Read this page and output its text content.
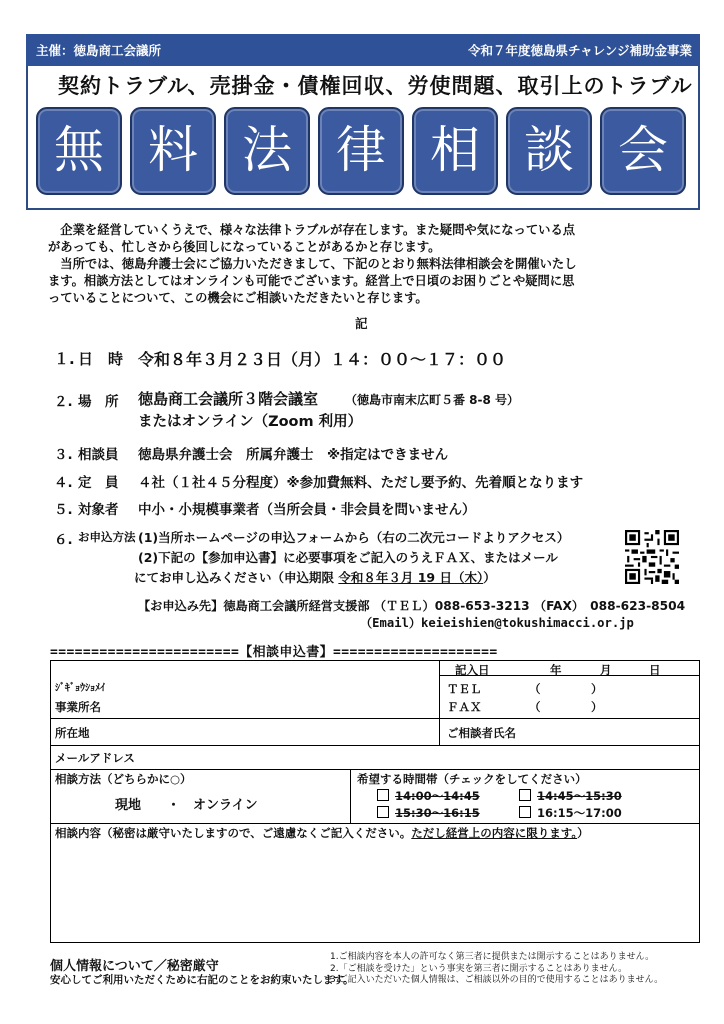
主催：徳島商工会議所	令和７年度徳島県チャレンジ補助金事業
契約トラブル、売掛金・債権回収、労使問題、取引上のトラブル
無 料 法 律 相 談 会
　企業を経営していくうえで、様々な法律トラブルが存在します。また疑問や気になっている点
があっても、忙しさから後回しになっていることがあるかと存じます。
　当所では、徳島弁護士会にご協力いただきまして、下記のとおり無料法律相談会を開催いたし
ます。相談方法としてはオンラインも可能でございます。経営上で日頃のお困りごとや疑問に思
っていることについて、この機会にご相談いただきたいと存じます。
記
１. 日　時 令和８年３月２３日（月）１４：００～１７：００
２. 場　所 徳島商工会議所３階会議室 （徳島市南末広町５番 8-8 号）
またはオンライン（Zoom 利用）
３. 相談員 徳島県弁護士会　所属弁護士　※指定はできません
４. 定　員 ４社（１社４５分程度）※参加費無料、ただし要予約、先着順となります
５. 対象者 中小・小規模事業者（当所会員・非会員を問いません）
６. お申込方法 (1)当所ホームページの申込フォームから（右の二次元コードよりアクセス）
(2)下記の【参加申込書】に必要事項をご記入のうえＦＡＸ、またはメール
にてお申し込みください（申込期限 令和８年３月 19 日（木））
【お申込み先】徳島商工会議所経営支援部 （ＴＥＬ）088-653-3213 （FAX）　088-623-8504
（Email）keieishien@tokushimacci.or.jp
=======================【相談申込書】====================
記入日	年	月	日
ｼﾞｷﾞｮｳｼｮﾒｲ
事業所名
ＴＥＬ	（	）
ＦＡＸ	（	）
所在地	ご相談者氏名
メールアドレス
相談方法（どちらかに○）
現地　　・　オンライン
希望する時間帯（チェックをしてください）
14:00～14:45	14:45～15:30
15:30～16:15	16:15～17:00
相談内容（秘密は厳守いたしますので、ご遠慮なくご記入ください。ただし経営上の内容に限ります。）
個人情報について／秘密厳守
安心してご利用いただくために右記のことをお約束いたします。
1.ご相談内容を本人の許可なく第三者に提供または開示することはありません。
2.「ご相談を受けた」という事実を第三者に開示することはありません。
3.ご記入いただいた個人情報は、ご相談以外の目的で使用することはありません。
